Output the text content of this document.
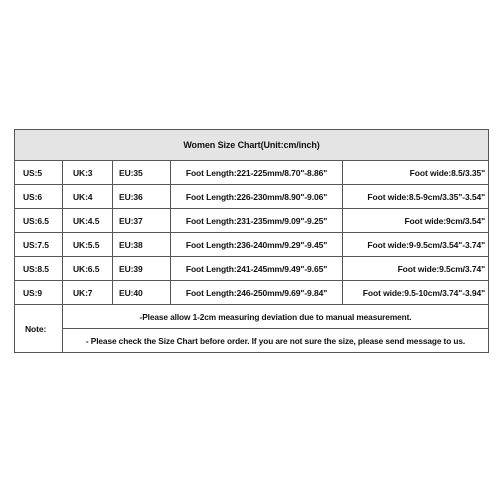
Women Size Chart(Unit:cm/inch)				
US:5	UK:3	EU:35	Foot Length:221-225mm/8.70"-8.86"	Foot wide:8.5/3.35"
US:6	UK:4	EU:36	Foot Length:226-230mm/8.90"-9.06"	Foot wide:8.5-9cm/3.35"-3.54"
US:6.5	UK:4.5	EU:37	Foot Length:231-235mm/9.09"-9.25"	Foot wide:9cm/3.54"
US:7.5	UK:5.5	EU:38	Foot Length:236-240mm/9.29"-9.45"	Foot wide:9-9.5cm/3.54"-3.74"
US:8.5	UK:6.5	EU:39	Foot Length:241-245mm/9.49"-9.65"	Foot wide:9.5cm/3.74"
US:9	UK:7	EU:40	Foot Length:246-250mm/9.69"-9.84"	Foot wide:9.5-10cm/3.74"-3.94"
Note:	-Please allow 1-2cm measuring deviation due to manual measurement.			
	- Please check the Size Chart before order. If you are not sure the size, please send message to us.			
